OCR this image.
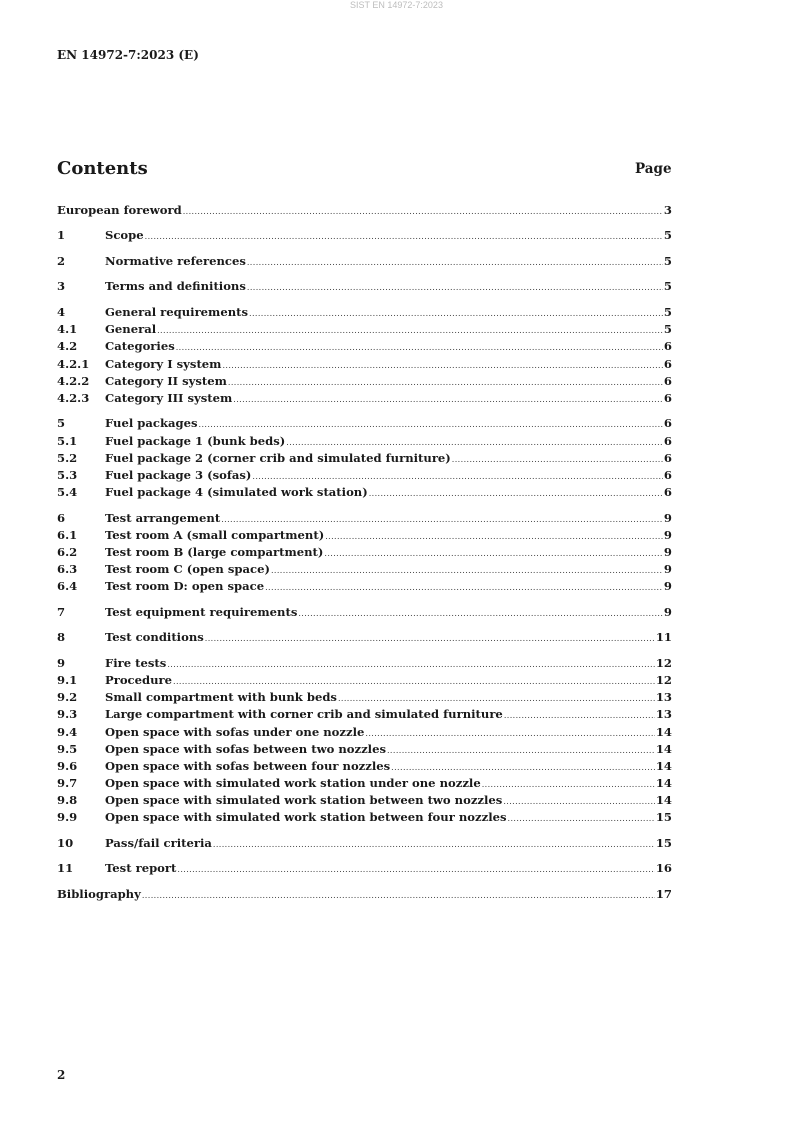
SIST EN 14972-7:2023
EN 14972-7:2023 (E)
Contents	Page
European foreword .....	3
1	Scope .....	5
2	Normative references .....	5
3	Terms and definitions .....	5
4	General requirements .....	5
4.1	General .....	5
4.2	Categories .....	6
4.2.1	Category I system .....	6
4.2.2	Category II system .....	6
4.2.3	Category III system .....	6
5	Fuel packages .....	6
5.1	Fuel package 1 (bunk beds) .....	6
5.2	Fuel package 2 (corner crib and simulated furniture) .....	6
5.3	Fuel package 3 (sofas) .....	6
5.4	Fuel package 4 (simulated work station) .....	6
6	Test arrangement .....	9
6.1	Test room A (small compartment) .....	9
6.2	Test room B (large compartment) .....	9
6.3	Test room C (open space) .....	9
6.4	Test room D: open space .....	9
7	Test equipment requirements .....	9
8	Test conditions .....	11
9	Fire tests .....	12
9.1	Procedure .....	12
9.2	Small compartment with bunk beds .....	13
9.3	Large compartment with corner crib and simulated furniture .....	13
9.4	Open space with sofas under one nozzle .....	14
9.5	Open space with sofas between two nozzles .....	14
9.6	Open space with sofas between four nozzles .....	14
9.7	Open space with simulated work station under one nozzle .....	14
9.8	Open space with simulated work station between two nozzles .....	14
9.9	Open space with simulated work station between four nozzles .....	15
10	Pass/fail criteria .....	15
11	Test report .....	16
Bibliography .....	17
2
